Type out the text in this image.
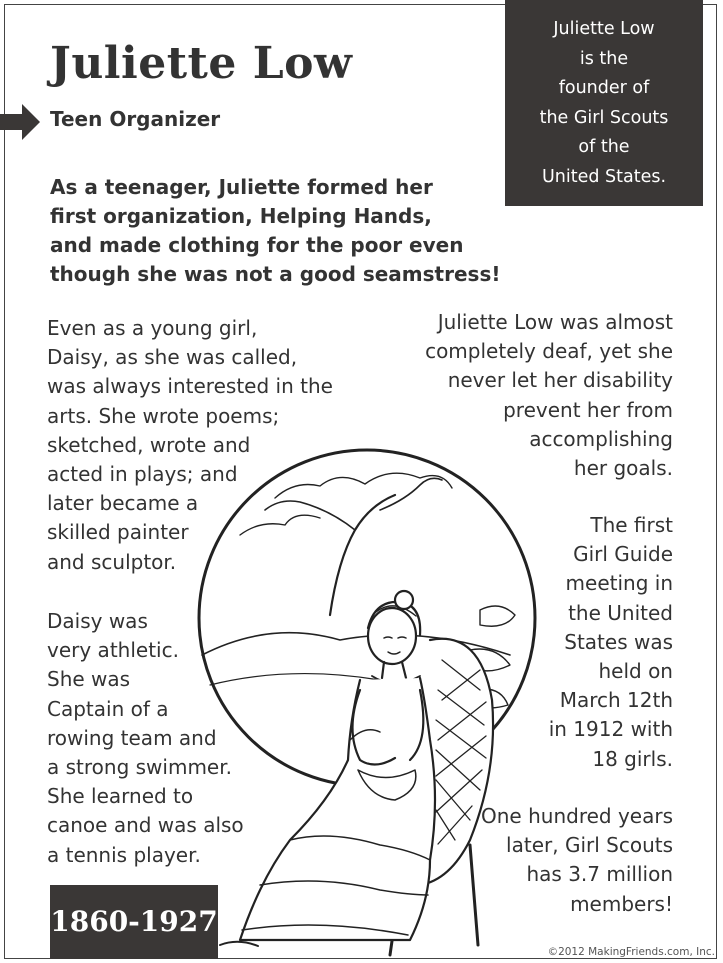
Juliette Low
Teen Organizer
Juliette Low
is the
founder of
the Girl Scouts
of the
United States.
As a teenager, Juliette formed her
first organization, Helping Hands,
and made clothing for the poor even
though she was not a good seamstress!
Even as a young girl,
Daisy, as she was called,
was always interested in the
arts. She wrote poems;
sketched, wrote and
acted in plays; and
later became a
skilled painter
and sculptor.
Daisy was
very athletic.
She was
Captain of a
rowing team and
a strong swimmer.
She learned to
canoe and was also
a tennis player.
Juliette Low was almost
completely deaf, yet she
never let her disability
prevent her from
accomplishing
her goals.
The first
Girl Guide
meeting in
the United
States was
held on
March 12th
in 1912 with
18 girls.
One hundred years
later, Girl Scouts
has 3.7 million
members!
1860-1927
©2012 MakingFriends.com, Inc.
